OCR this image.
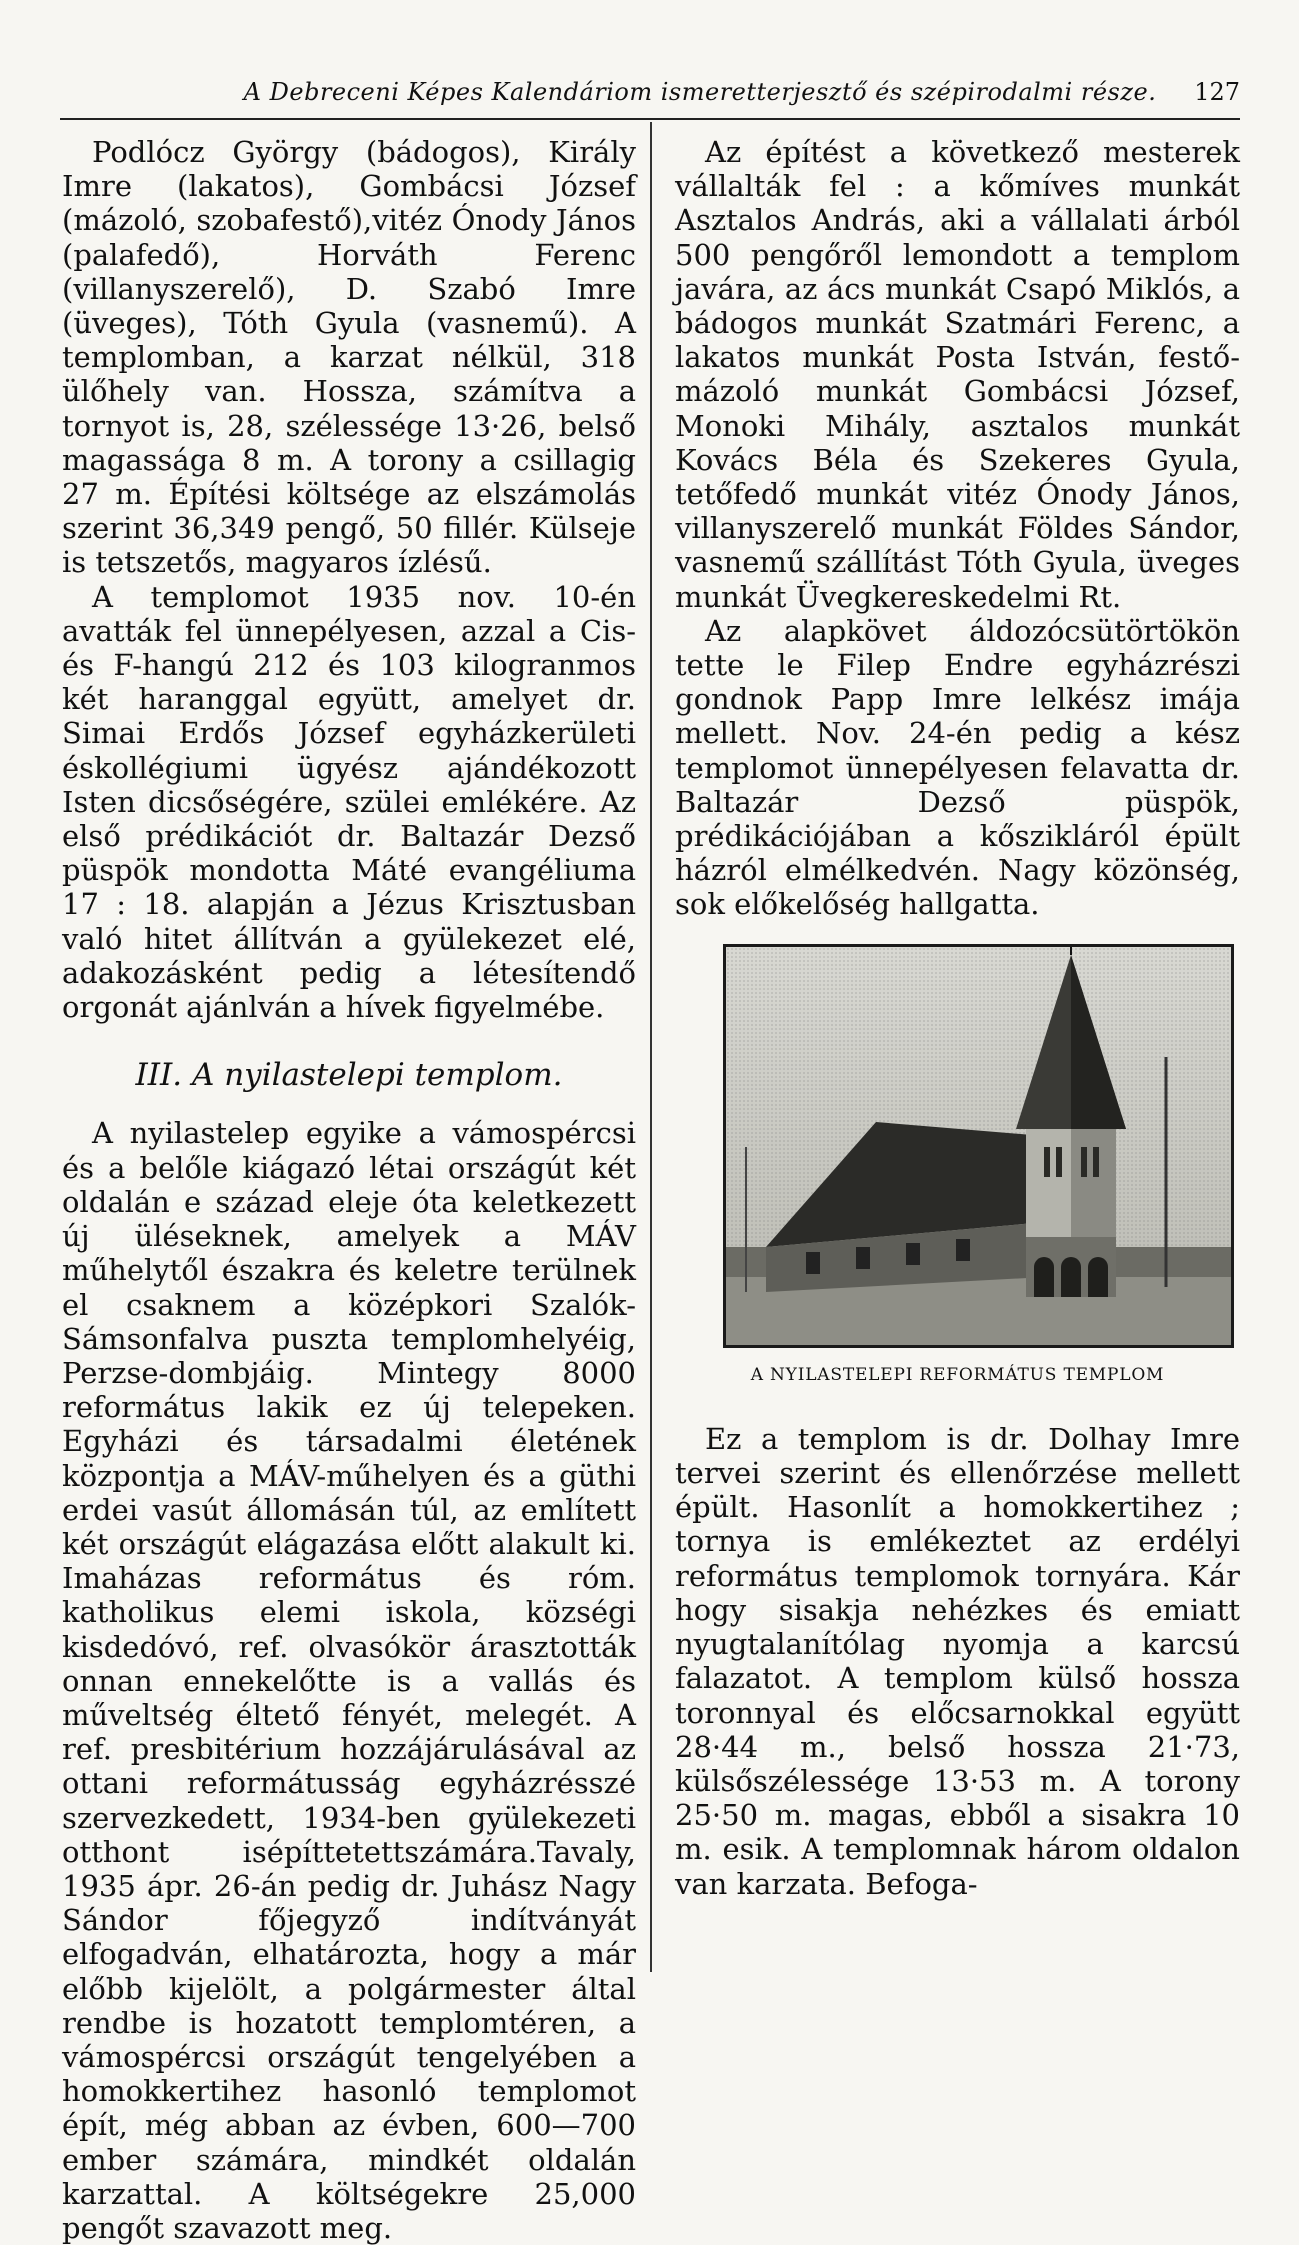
A Debreceni Képes Kalendáriom ismeretterjesztő és szépirodalmi része.	127

Podlócz György (bádogos), Király Imre (lakatos), Gombácsi József (mázoló, szobafestő),vitéz Ónody János (palafedő), Horváth Ferenc (villanyszerelő), D. Szabó Imre (üveges), Tóth Gyula (vasnemű). A templomban, a karzat nélkül, 318 ülőhely van. Hossza, számítva a tornyot is, 28, szélessége 13·26, belső magassága 8 m. A torony a csillagig 27 m. Építési költsége az elszámolás szerint 36,349 pengő, 50 fillér. Külseje is tetszetős, magyaros ízlésű.

A templomot 1935 nov. 10-én avatták fel ünnepélyesen, azzal a Cis- és F-hangú 212 és 103 kilogranmos két haranggal együtt, amelyet dr. Simai Erdős József egyházkerületi éskollégiumi ügyész ajándékozott Isten dicsőségére, szülei emlékére. Az első prédikációt dr. Baltazár Dezső püspök mondotta Máté evangéliuma 17 : 18. alapján a Jézus Krisztusban való hitet állítván a gyülekezet elé, adakozásként pedig a létesítendő orgonát ajánlván a hívek figyelmébe.

III. A nyilastelepi templom.

A nyilastelep egyike a vámospércsi és a belőle kiágazó létai országút két oldalán e század eleje óta keletkezett új üléseknek, amelyek a MÁV műhelytől északra és keletre terülnek el csaknem a középkori Szalók-Sámsonfalva puszta templomhelyéig, Perzse-dombjáig. Mintegy 8000 református lakik ez új telepeken. Egyházi és társadalmi életének központja a MÁV-műhelyen és a güthi erdei vasút állomásán túl, az említett két országút elágazása előtt alakult ki. Imaházas református és róm. katholikus elemi iskola, községi kisdedóvó, ref. olvasókör árasztották onnan ennekelőtte is a vallás és műveltség éltető fényét, melegét. A ref. presbitérium hozzájárulásával az ottani reformátusság egyházrésszé szervezkedett, 1934-ben gyülekezeti otthont isépíttetettszámára.Tavaly, 1935 ápr. 26-án pedig dr. Juhász Nagy Sándor főjegyző indítványát elfogadván, elhatározta, hogy a már előbb kijelölt, a polgármester által rendbe is hozatott templomtéren, a vámospércsi országút tengelyében a homokkertihez hasonló templomot épít, még abban az évben, 600—700 ember számára, mindkét oldalán karzattal. A költségekre 25,000 pengőt szavazott meg.

Az építést a következő mesterek vállalták fel : a kőmíves munkát Asztalos András, aki a vállalati árból 500 pengőről lemondott a templom javára, az ács munkát Csapó Miklós, a bádogos munkát Szatmári Ferenc, a lakatos munkát Posta István, festő-mázoló munkát Gombácsi József, Monoki Mihály, asztalos munkát Kovács Béla és Szekeres Gyula, tetőfedő munkát vitéz Ónody János, villanyszerelő munkát Földes Sándor, vasnemű szállítást Tóth Gyula, üveges munkát Üvegkereskedelmi Rt.

Az alapkövet áldozócsütörtökön tette le Filep Endre egyházrészi gondnok Papp Imre lelkész imája mellett. Nov. 24-én pedig a kész templomot ünnepélyesen felavatta dr. Baltazár Dezső püspök, prédikációjában a kőszikláról épült házról elmélkedvén. Nagy közönség, sok előkelőség hallgatta.

A NYILASTELEPI REFORMÁTUS TEMPLOM

Ez a templom is dr. Dolhay Imre tervei szerint és ellenőrzése mellett épült. Hasonlít a homokkertihez ; tornya is emlékeztet az erdélyi református templomok tornyára. Kár hogy sisakja nehézkes és emiatt nyugtalanítólag nyomja a karcsú falazatot. A templom külső hossza toronnyal és előcsarnokkal együtt 28·44 m., belső hossza 21·73, külsőszélessége 13·53 m. A torony 25·50 m. magas, ebből a sisakra 10 m. esik. A templomnak három oldalon van karzata. Befoga-
